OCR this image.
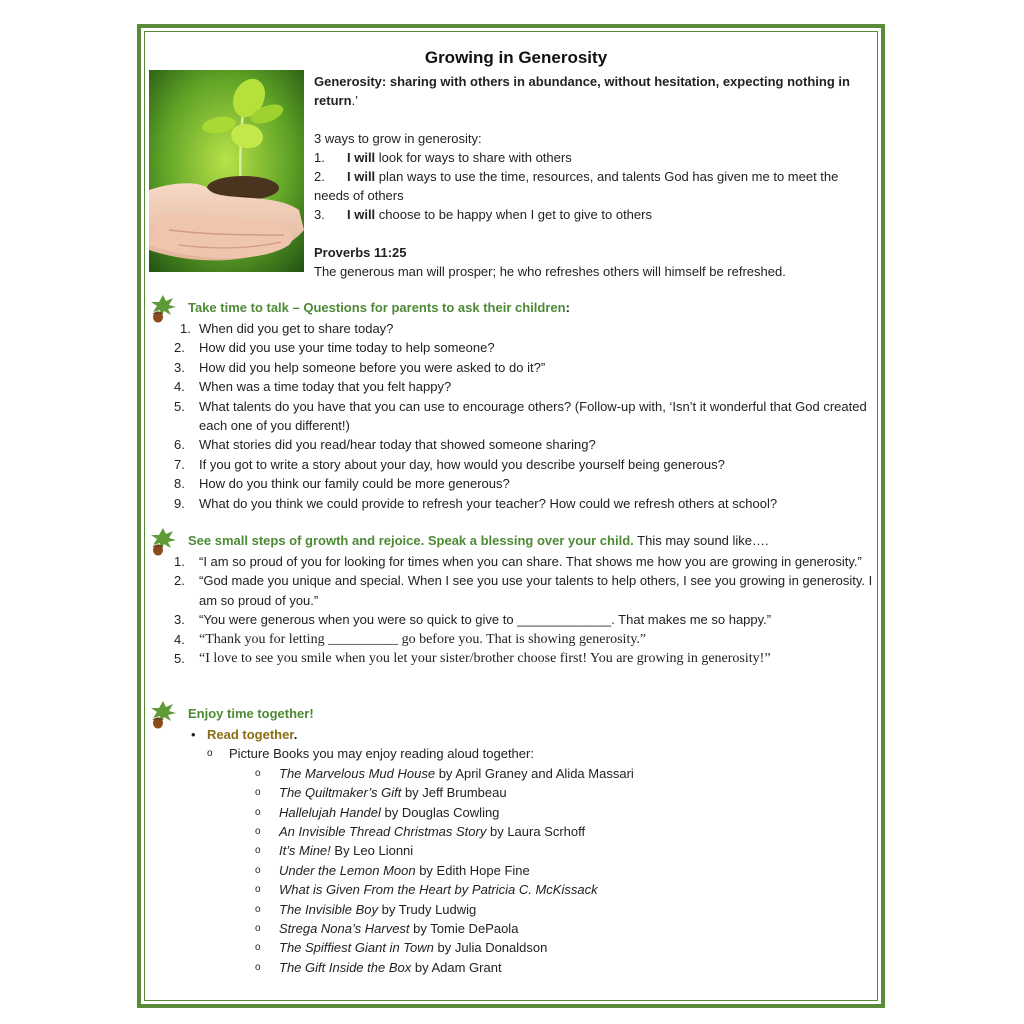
Growing in Generosity
Generosity: sharing with others in abundance, without hesitation, expecting nothing in return.’
3 ways to grow in generosity:
1.	I will look for ways to share with others
2. I will plan ways to use the time, resources, and talents God has given me to meet the needs of others
3.	I will choose to be happy when I get to give to others
Proverbs 11:25
The generous man will prosper; he who refreshes others will himself be refreshed.
Take time to talk – Questions for parents to ask their children:
1. When did you get to share today?
2.	How did you use your time today to help someone?
3.	How did you help someone before you were asked to do it?”
4.	When was a time today that you felt happy?
5.	What talents do you have that you can use to encourage others? (Follow-up with, ‘Isn’t it wonderful that God created each one of you different!)
6.	What stories did you read/hear today that showed someone sharing?
7.	If you got to write a story about your day, how would you describe yourself being generous?
8.	How do you think our family could be more generous?
9.	What do you think we could provide to refresh your teacher? How could we refresh others at school?
See small steps of growth and rejoice. Speak a blessing over your child. This may sound like….
1.	“I am so proud of you for looking for times when you can share. That shows me how you are growing in generosity.”
2.	“God made you unique and special. When I see you use your talents to help others, I see you growing in generosity. I am so proud of you.”
3.	“You were generous when you were so quick to give to _____________. That makes me so happy.”
4.	“Thank you for letting __________ go before you. That is showing generosity.”
5.	“I love to see you smile when you let your sister/brother choose first! You are growing in generosity!”
Enjoy time together!
• Read together.
o	Picture Books you may enjoy reading aloud together:
o	The Marvelous Mud House by April Graney and Alida Massari
o	The Quiltmaker’s Gift by Jeff Brumbeau
o	Hallelujah Handel by Douglas Cowling
o	An Invisible Thread Christmas Story by Laura Scrhoff
o	It’s Mine! By Leo Lionni
o	Under the Lemon Moon by Edith Hope Fine
o	What is Given From the Heart by Patricia C. McKissack
o	The Invisible Boy by Trudy Ludwig
o	Strega Nona’s Harvest by Tomie DePaola
o	The Spiffiest Giant in Town by Julia Donaldson
o	The Gift Inside the Box by Adam Grant
